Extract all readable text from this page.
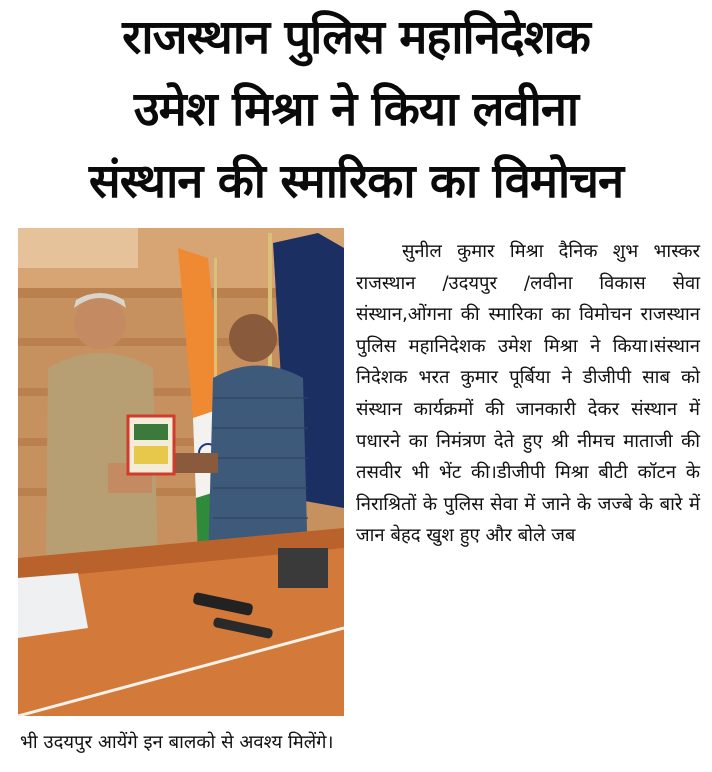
राजस्थान पुलिस महानिदेशक
उमेश मिश्रा ने किया लवीना
संस्थान की स्मारिका का विमोचन
सुनील कुमार मिश्रा दैनिक शुभ भास्कर राजस्थान /उदयपुर /लवीना विकास सेवा संस्थान,ओंगना की स्मारिका का विमोचन राजस्थान पुलिस महानिदेशक उमेश मिश्रा ने किया।संस्थान निदेशक भरत कुमार पूर्बिया ने डीजीपी साब को संस्थान कार्यक्रमों की जानकारी देकर संस्थान में पधारने का निमंत्रण देते हुए श्री नीमच माताजी की तसवीर भी भेंट की।डीजीपी मिश्रा बीटी कॉटन के निराश्रितों के पुलिस सेवा में जाने के जज्बे के बारे में जान बेहद खुश हुए और बोले जब
भी उदयपुर आयेंगे इन बालको से अवश्य मिलेंगे।
